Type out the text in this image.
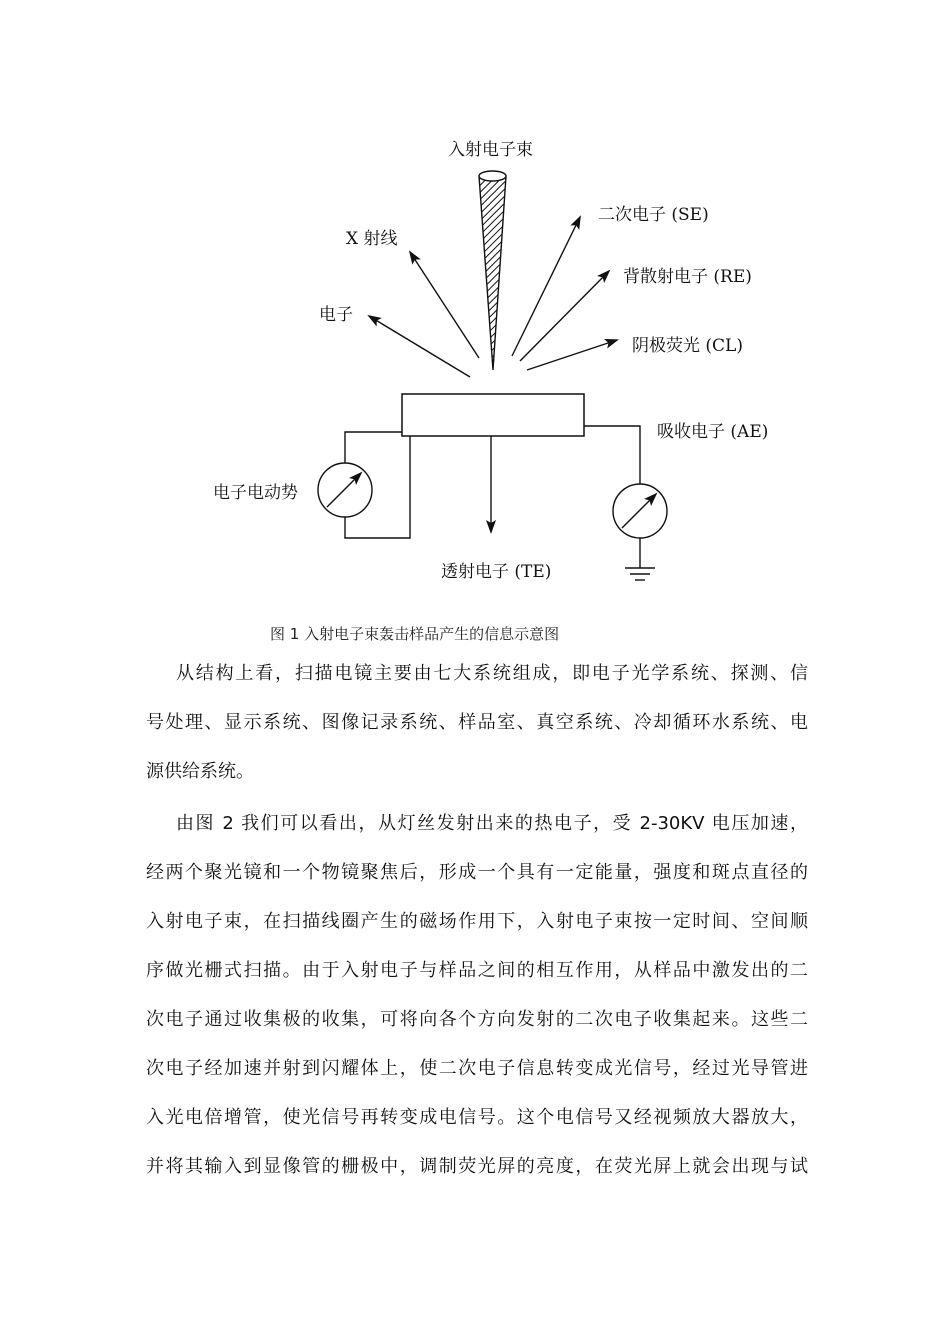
入射电子束
X 射线
二次电子 (SE)
背散射电子 (RE)
电子
阴极荧光 (CL)
吸收电子 (AE)
电子电动势
透射电子 (TE)
图 1 入射电子束轰击样品产生的信息示意图

从结构上看，扫描电镜主要由七大系统组成，即电子光学系统、探测、信
号处理、显示系统、图像记录系统、样品室、真空系统、冷却循环水系统、电
源供给系统。

由图 2 我们可以看出，从灯丝发射出来的热电子，受 2-30KV 电压加速，
经两个聚光镜和一个物镜聚焦后，形成一个具有一定能量，强度和斑点直径的
入射电子束，在扫描线圈产生的磁场作用下，入射电子束按一定时间、空间顺
序做光栅式扫描。由于入射电子与样品之间的相互作用，从样品中激发出的二
次电子通过收集极的收集，可将向各个方向发射的二次电子收集起来。这些二
次电子经加速并射到闪耀体上，使二次电子信息转变成光信号，经过光导管进
入光电倍增管，使光信号再转变成电信号。这个电信号又经视频放大器放大，
并将其输入到显像管的栅极中，调制荧光屏的亮度，在荧光屏上就会出现与试
